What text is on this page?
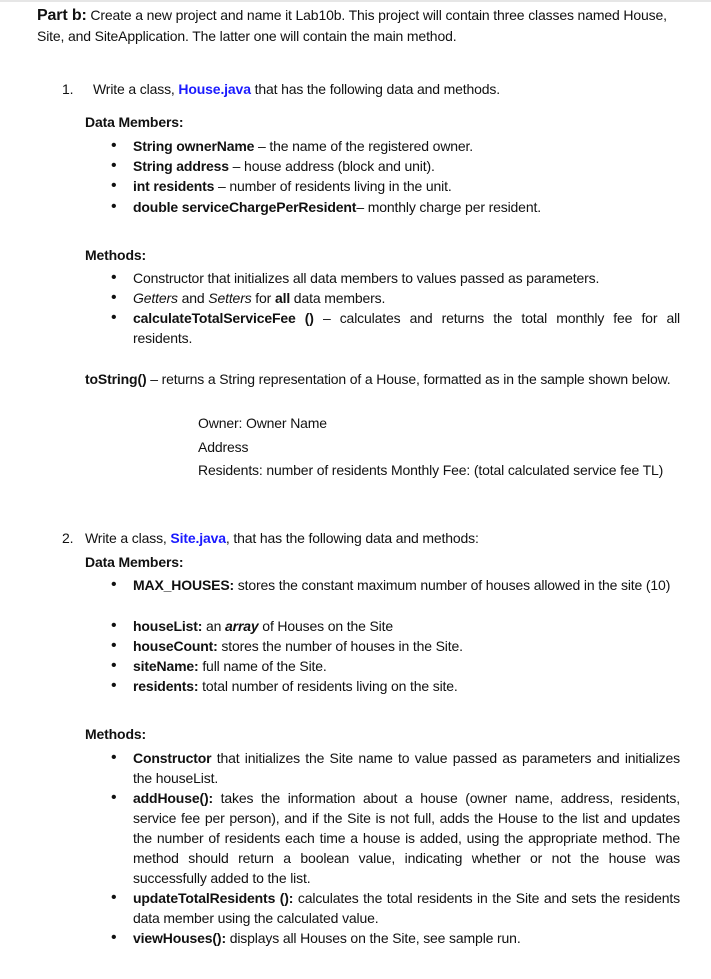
Part b: Create a new project and name it Lab10b. This project will contain three classes named House, Site, and SiteApplication. The latter one will contain the main method.
1. Write a class, House.java that has the following data and methods.
Data Members:
• String ownerName – the name of the registered owner.
• String address – house address (block and unit).
• int residents – number of residents living in the unit.
• double serviceChargePerResident– monthly charge per resident.
Methods:
• Constructor that initializes all data members to values passed as parameters.
• Getters and Setters for all data members.
• calculateTotalServiceFee () – calculates and returns the total monthly fee for all residents.
toString() – returns a String representation of a House, formatted as in the sample shown below.
Owner: Owner Name
Address
Residents: number of residents Monthly Fee: (total calculated service fee TL)
2. Write a class, Site.java, that has the following data and methods:
Data Members:
• MAX_HOUSES: stores the constant maximum number of houses allowed in the site (10)
• houseList: an array of Houses on the Site
• houseCount: stores the number of houses in the Site.
• siteName: full name of the Site.
• residents: total number of residents living on the site.
Methods:
• Constructor that initializes the Site name to value passed as parameters and initializes the houseList.
• addHouse(): takes the information about a house (owner name, address, residents, service fee per person), and if the Site is not full, adds the House to the list and updates the number of residents each time a house is added, using the appropriate method. The method should return a boolean value, indicating whether or not the house was successfully added to the list.
• updateTotalResidents (): calculates the total residents in the Site and sets the residents data member using the calculated value.
• viewHouses(): displays all Houses on the Site, see sample run.
